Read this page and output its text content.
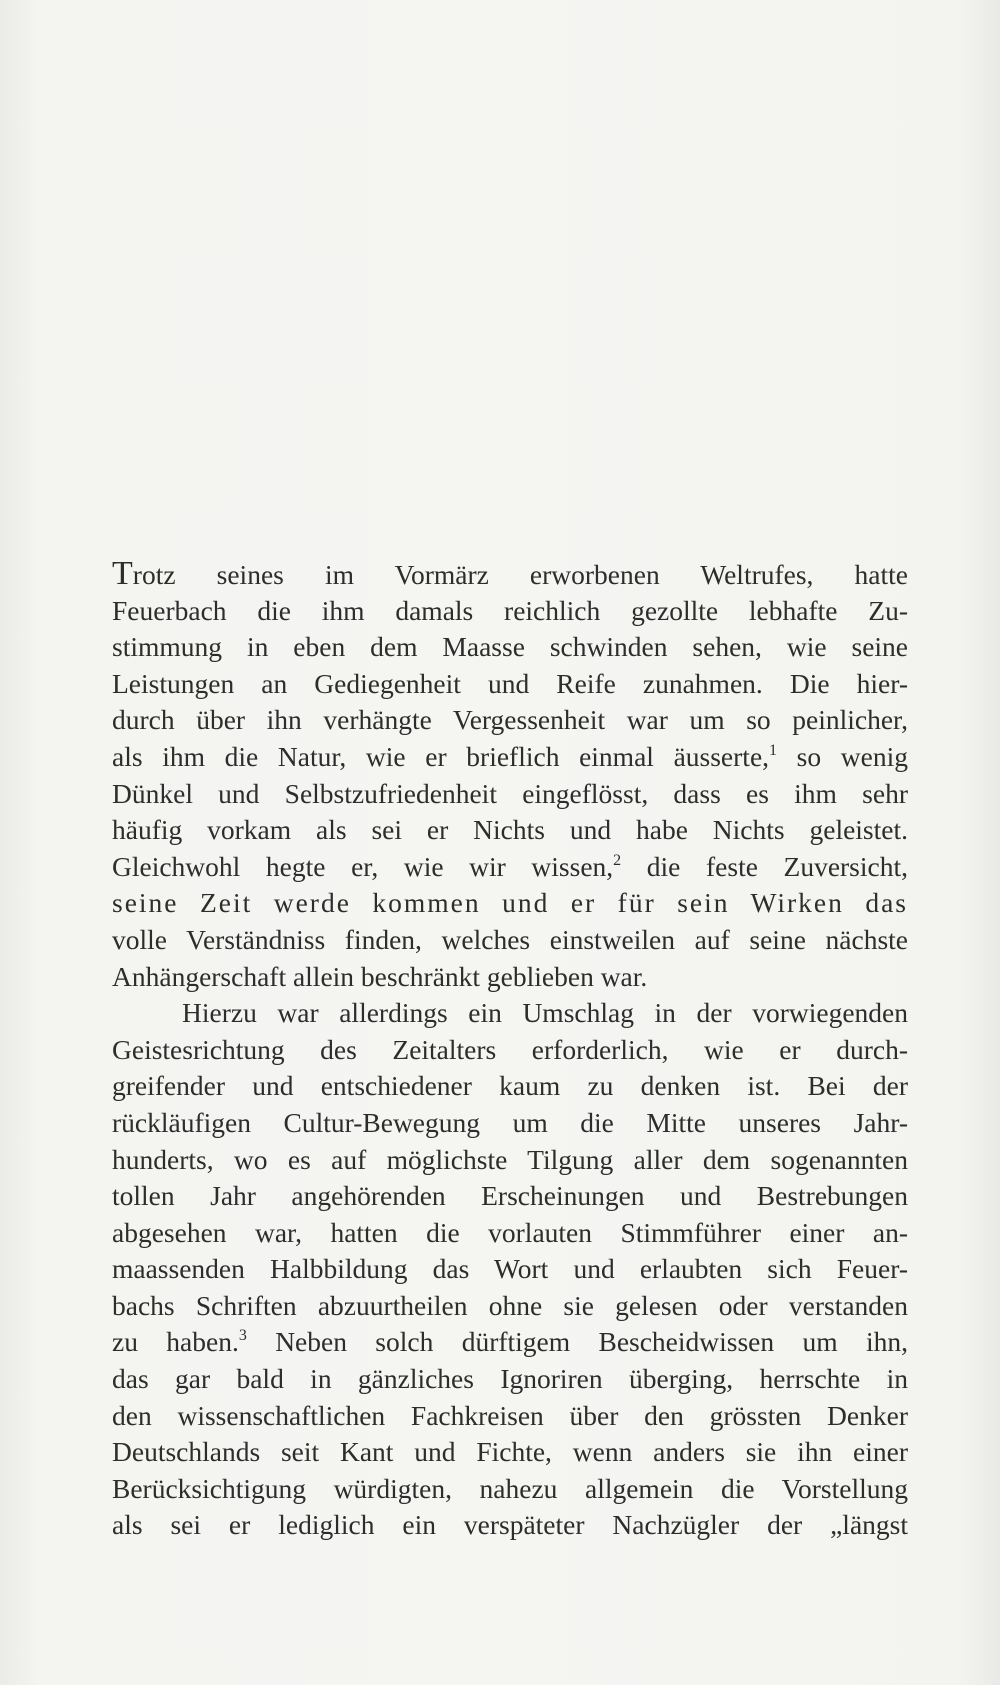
Trotz seines im Vormärz erworbenen Weltrufes, hatte
Feuerbach die ihm damals reichlich gezollte lebhafte Zu-
stimmung in eben dem Maasse schwinden sehen, wie seine
Leistungen an Gediegenheit und Reife zunahmen. Die hier-
durch über ihn verhängte Vergessenheit war um so peinlicher,
als ihm die Natur, wie er brieflich einmal äusserte,$^1$ so wenig
Dünkel und Selbstzufriedenheit eingeflösst, dass es ihm sehr
häufig vorkam als sei er Nichts und habe Nichts geleistet.
Gleichwohl hegte er, wie wir wissen,$^2$ die feste Zuversicht,
seine Zeit werde kommen und er für sein Wirken das
volle Verständniss finden, welches einstweilen auf seine nächste
Anhängerschaft allein beschränkt geblieben war.
Hierzu war allerdings ein Umschlag in der vorwiegenden
Geistesrichtung des Zeitalters erforderlich, wie er durch-
greifender und entschiedener kaum zu denken ist. Bei der
rückläufigen Cultur-Bewegung um die Mitte unseres Jahr-
hunderts, wo es auf möglichste Tilgung aller dem sogenannten
tollen Jahr angehörenden Erscheinungen und Bestrebungen
abgesehen war, hatten die vorlauten Stimmführer einer an-
maassenden Halbbildung das Wort und erlaubten sich Feuer-
bachs Schriften abzuurtheilen ohne sie gelesen oder verstanden
zu haben.$^3$ Neben solch dürftigem Bescheidwissen um ihn,
das gar bald in gänzliches Ignoriren überging, herrschte in
den wissenschaftlichen Fachkreisen über den grössten Denker
Deutschlands seit Kant und Fichte, wenn anders sie ihn einer
Berücksichtigung würdigten, nahezu allgemein die Vorstellung
als sei er lediglich ein verspäteter Nachzügler der „längst
